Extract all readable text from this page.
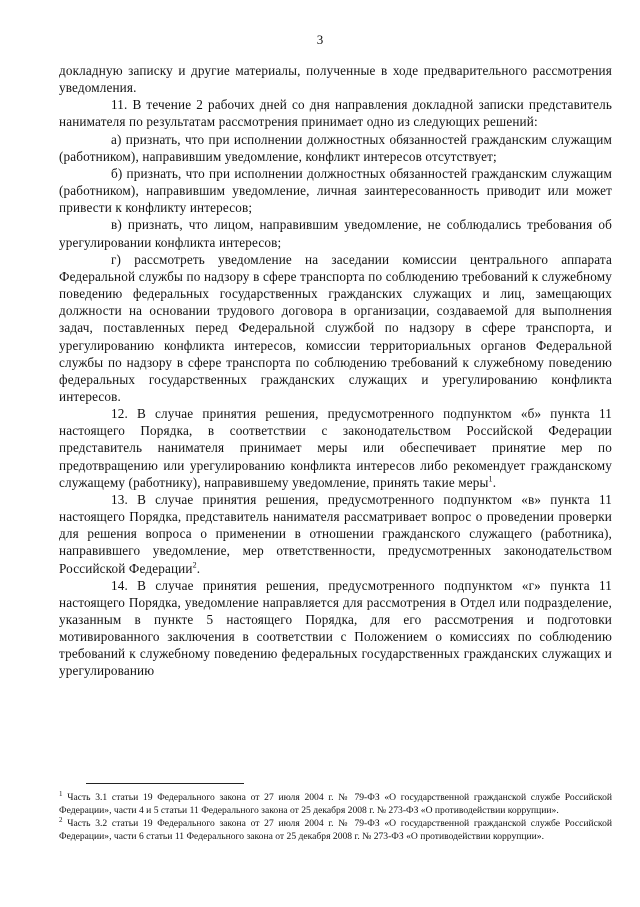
3

докладную записку и другие материалы, полученные в ходе предварительного рассмотрения уведомления.

11. В течение 2 рабочих дней со дня направления докладной записки представитель нанимателя по результатам рассмотрения принимает одно из следующих решений:

а) признать, что при исполнении должностных обязанностей гражданским служащим (работником), направившим уведомление, конфликт интересов отсутствует;

б) признать, что при исполнении должностных обязанностей гражданским служащим (работником), направившим уведомление, личная заинтересованность приводит или может привести к конфликту интересов;

в) признать, что лицом, направившим уведомление, не соблюдались требования об урегулировании конфликта интересов;

г) рассмотреть уведомление на заседании комиссии центрального аппарата Федеральной службы по надзору в сфере транспорта по соблюдению требований к служебному поведению федеральных государственных гражданских служащих и лиц, замещающих должности на основании трудового договора в организации, создаваемой для выполнения задач, поставленных перед Федеральной службой по надзору в сфере транспорта, и урегулированию конфликта интересов, комиссии территориальных органов Федеральной службы по надзору в сфере транспорта по соблюдению требований к служебному поведению федеральных государственных гражданских служащих и урегулированию конфликта интересов.

12. В случае принятия решения, предусмотренного подпунктом «б» пункта 11 настоящего Порядка, в соответствии с законодательством Российской Федерации представитель нанимателя принимает меры или обеспечивает принятие мер по предотвращению или урегулированию конфликта интересов либо рекомендует гражданскому служащему (работнику), направившему уведомление, принять такие меры$^1$.

13. В случае принятия решения, предусмотренного подпунктом «в» пункта 11 настоящего Порядка, представитель нанимателя рассматривает вопрос о проведении проверки для решения вопроса о применении в отношении гражданского служащего (работника), направившего уведомление, мер ответственности, предусмотренных законодательством Российской Федерации$^2$.

14. В случае принятия решения, предусмотренного подпунктом «г» пункта 11 настоящего Порядка, уведомление направляется для рассмотрения в Отдел или подразделение, указанным в пункте 5 настоящего Порядка, для его рассмотрения и подготовки мотивированного заключения в соответствии с Положением о комиссиях по соблюдению требований к служебному поведению федеральных государственных гражданских служащих и урегулированию

$^1$ Часть 3.1 статьи 19 Федерального закона от 27 июля 2004 г. № 79-ФЗ «О государственной гражданской службе Российской Федерации», части 4 и 5 статьи 11 Федерального закона от 25 декабря 2008 г. № 273-ФЗ «О противодействии коррупции».

$^2$ Часть 3.2 статьи 19 Федерального закона от 27 июля 2004 г. № 79-ФЗ «О государственной гражданской службе Российской Федерации», части 6 статьи 11 Федерального закона от 25 декабря 2008 г. № 273-ФЗ «О противодействии коррупции».
